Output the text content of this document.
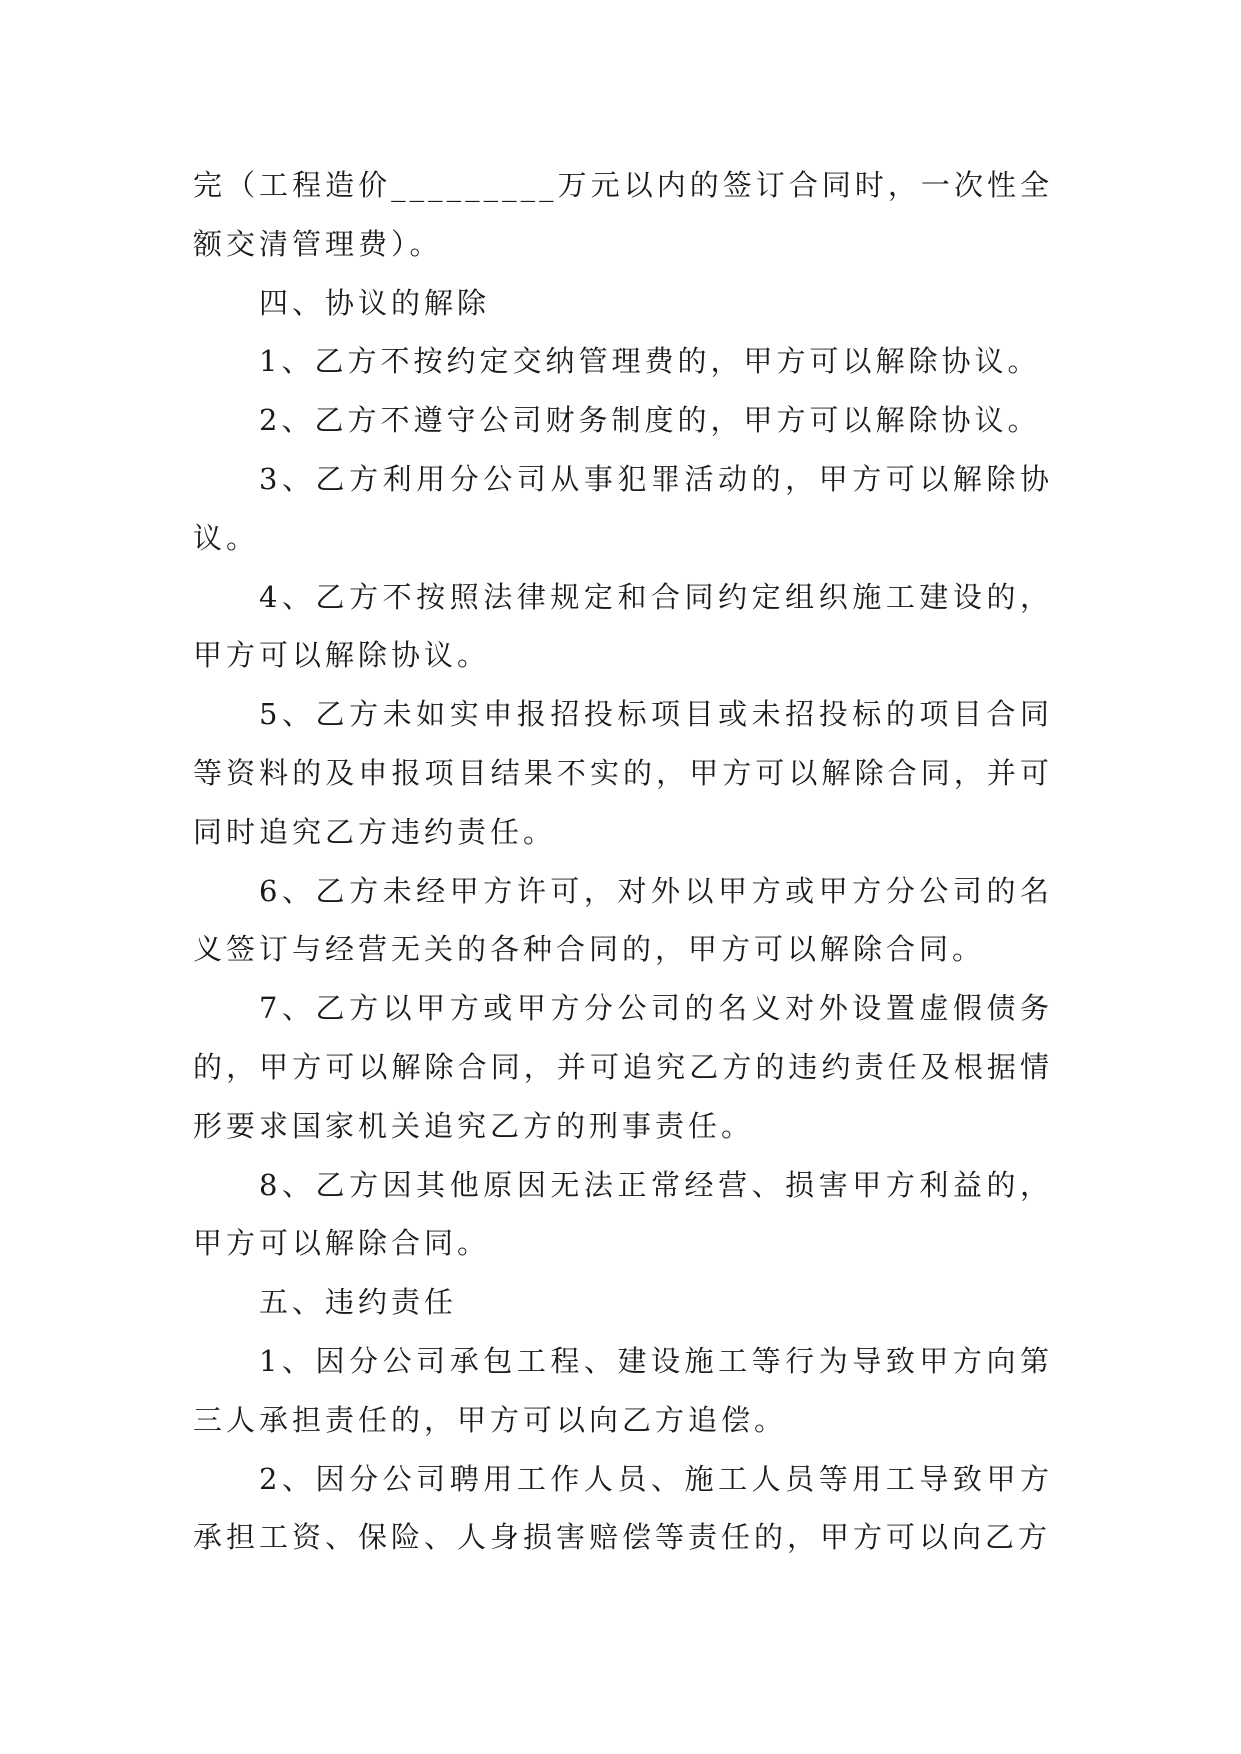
完（工程造价_________万元以内的签订合同时，一次性全额交清管理费）。

四、协议的解除

1、乙方不按约定交纳管理费的，甲方可以解除协议。

2、乙方不遵守公司财务制度的，甲方可以解除协议。

3、乙方利用分公司从事犯罪活动的，甲方可以解除协议。

4、乙方不按照法律规定和合同约定组织施工建设的，甲方可以解除协议。

5、乙方未如实申报招投标项目或未招投标的项目合同等资料的及申报项目结果不实的，甲方可以解除合同，并可同时追究乙方违约责任。

6、乙方未经甲方许可，对外以甲方或甲方分公司的名义签订与经营无关的各种合同的，甲方可以解除合同。

7、乙方以甲方或甲方分公司的名义对外设置虚假债务的，甲方可以解除合同，并可追究乙方的违约责任及根据情形要求国家机关追究乙方的刑事责任。

8、乙方因其他原因无法正常经营、损害甲方利益的，甲方可以解除合同。

五、违约责任

1、因分公司承包工程、建设施工等行为导致甲方向第三人承担责任的，甲方可以向乙方追偿。

2、因分公司聘用工作人员、施工人员等用工导致甲方承担工资、保险、人身损害赔偿等责任的，甲方可以向乙方
